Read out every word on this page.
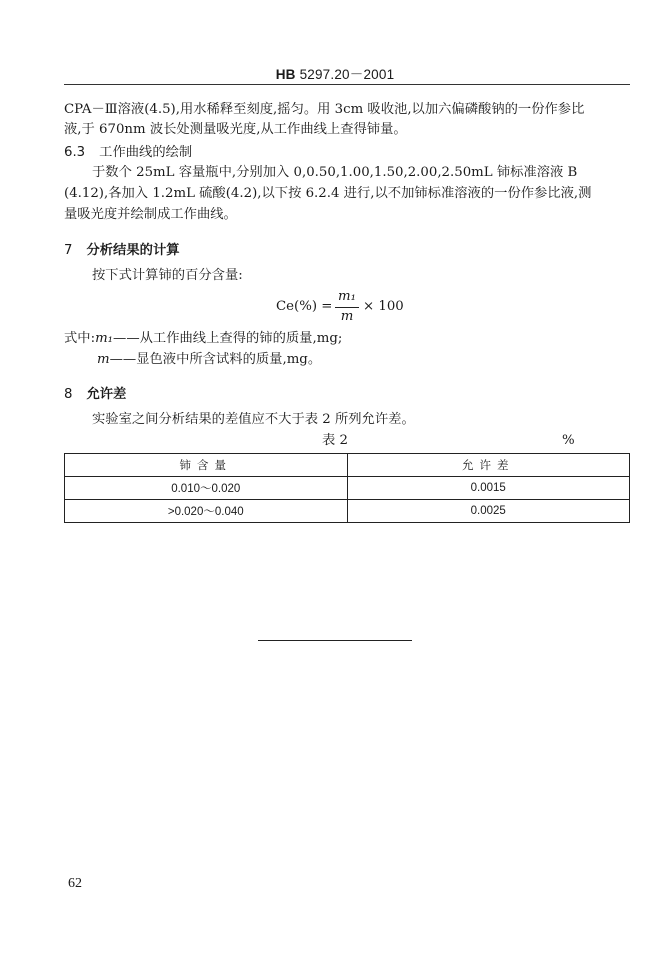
HB 5297.20－2001
CPA－Ⅲ溶液(4.5),用水稀释至刻度,摇匀。用 3cm 吸收池,以加六偏磷酸钠的一份作参比
液,于 670nm 波长处测量吸光度,从工作曲线上查得铈量。
6.3 工作曲线的绘制
于数个 25mL 容量瓶中,分别加入 0,0.50,1.00,1.50,2.00,2.50mL 铈标准溶液 B
(4.12),各加入 1.2mL 硫酸(4.2),以下按 6.2.4 进行,以不加铈标准溶液的一份作参比液,测
量吸光度并绘制成工作曲线。
7 分析结果的计算
按下式计算铈的百分含量:
Ce(%) =
m₁
m
× 100
式中:m₁——从工作曲线上查得的铈的质量,mg;
m——显色液中所含试料的质量,mg。
8 允许差
实验室之间分析结果的差值应不大于表 2 所列允许差。
表 2	%
铈含量	允许差
0.010～0.020	0.0015
>0.020～0.040	0.0025
62
